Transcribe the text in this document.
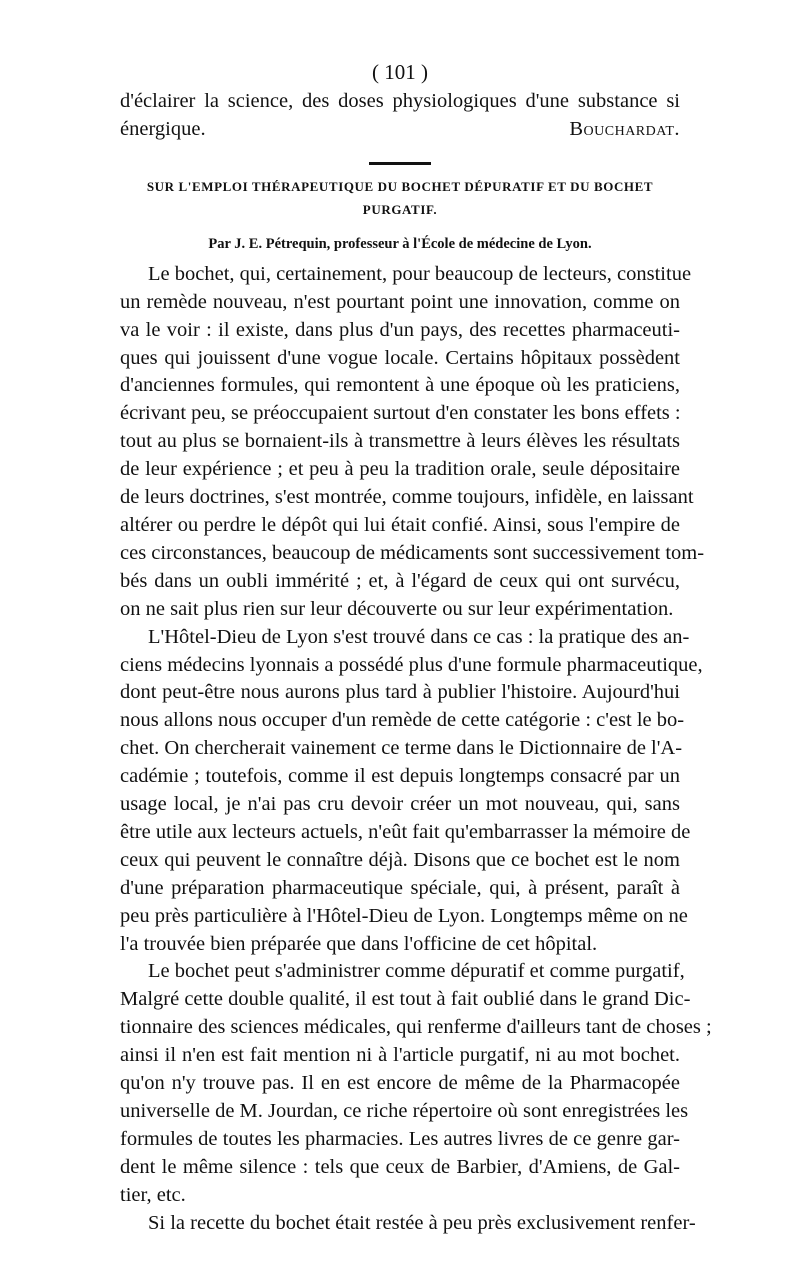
( 101 )
d'éclairer la science, des doses physiologiques d'une substance si
énergique.	Bouchardat.
SUR L'EMPLOI THÉRAPEUTIQUE DU BOCHET DÉPURATIF ET DU BOCHET
PURGATIF.
Par J. E. Pétrequin, professeur à l'École de médecine de Lyon.
Le bochet, qui, certainement, pour beaucoup de lecteurs, constitue
un remède nouveau, n'est pourtant point une innovation, comme on
va le voir : il existe, dans plus d'un pays, des recettes pharmaceuti-
ques qui jouissent d'une vogue locale. Certains hôpitaux possèdent
d'anciennes formules, qui remontent à une époque où les praticiens,
écrivant peu, se préoccupaient surtout d'en constater les bons effets :
tout au plus se bornaient-ils à transmettre à leurs élèves les résultats
de leur expérience ; et peu à peu la tradition orale, seule dépositaire
de leurs doctrines, s'est montrée, comme toujours, infidèle, en laissant
altérer ou perdre le dépôt qui lui était confié. Ainsi, sous l'empire de
ces circonstances, beaucoup de médicaments sont successivement tom-
bés dans un oubli immérité ; et, à l'égard de ceux qui ont survécu,
on ne sait plus rien sur leur découverte ou sur leur expérimentation.
L'Hôtel-Dieu de Lyon s'est trouvé dans ce cas : la pratique des an-
ciens médecins lyonnais a possédé plus d'une formule pharmaceutique,
dont peut-être nous aurons plus tard à publier l'histoire. Aujourd'hui
nous allons nous occuper d'un remède de cette catégorie : c'est le bo-
chet. On chercherait vainement ce terme dans le Dictionnaire de l'A-
cadémie ; toutefois, comme il est depuis longtemps consacré par un
usage local, je n'ai pas cru devoir créer un mot nouveau, qui, sans
être utile aux lecteurs actuels, n'eût fait qu'embarrasser la mémoire de
ceux qui peuvent le connaître déjà. Disons que ce bochet est le nom
d'une préparation pharmaceutique spéciale, qui, à présent, paraît à
peu près particulière à l'Hôtel-Dieu de Lyon. Longtemps même on ne
l'a trouvée bien préparée que dans l'officine de cet hôpital.
Le bochet peut s'administrer comme dépuratif et comme purgatif,
Malgré cette double qualité, il est tout à fait oublié dans le grand Dic-
tionnaire des sciences médicales, qui renferme d'ailleurs tant de choses ;
ainsi il n'en est fait mention ni à l'article purgatif, ni au mot bochet.
qu'on n'y trouve pas. Il en est encore de même de la Pharmacopée
universelle de M. Jourdan, ce riche répertoire où sont enregistrées les
formules de toutes les pharmacies. Les autres livres de ce genre gar-
dent le même silence : tels que ceux de Barbier, d'Amiens, de Gal-
tier, etc.
Si la recette du bochet était restée à peu près exclusivement renfer-
